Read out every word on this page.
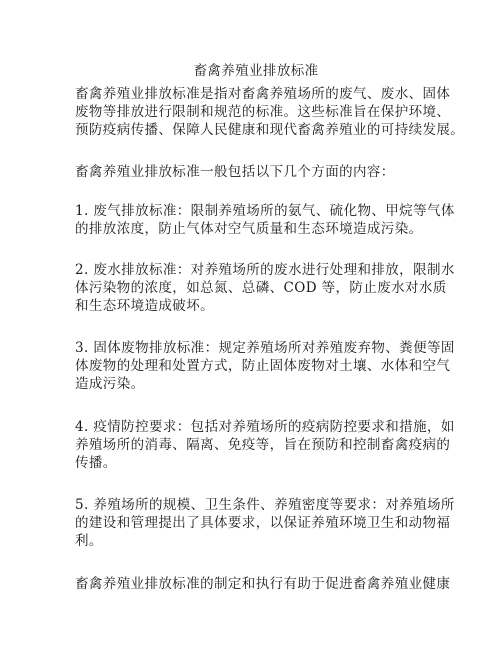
畜禽养殖业排放标准
畜禽养殖业排放标准是指对畜禽养殖场所的废气、废水、固体
废物等排放进行限制和规范的标准。这些标准旨在保护环境、
预防疫病传播、保障人民健康和现代畜禽养殖业的可持续发展。
畜禽养殖业排放标准一般包括以下几个方面的内容：
1. 废气排放标准：限制养殖场所的氨气、硫化物、甲烷等气体
的排放浓度，防止气体对空气质量和生态环境造成污染。
2. 废水排放标准：对养殖场所的废水进行处理和排放，限制水
体污染物的浓度，如总氮、总磷、COD 等，防止废水对水质
和生态环境造成破坏。
3. 固体废物排放标准：规定养殖场所对养殖废弃物、粪便等固
体废物的处理和处置方式，防止固体废物对土壤、水体和空气
造成污染。
4. 疫情防控要求：包括对养殖场所的疫病防控要求和措施，如
养殖场所的消毒、隔离、免疫等，旨在预防和控制畜禽疫病的
传播。
5. 养殖场所的规模、卫生条件、养殖密度等要求：对养殖场所
的建设和管理提出了具体要求，以保证养殖环境卫生和动物福
利。
畜禽养殖业排放标准的制定和执行有助于促进畜禽养殖业健康
